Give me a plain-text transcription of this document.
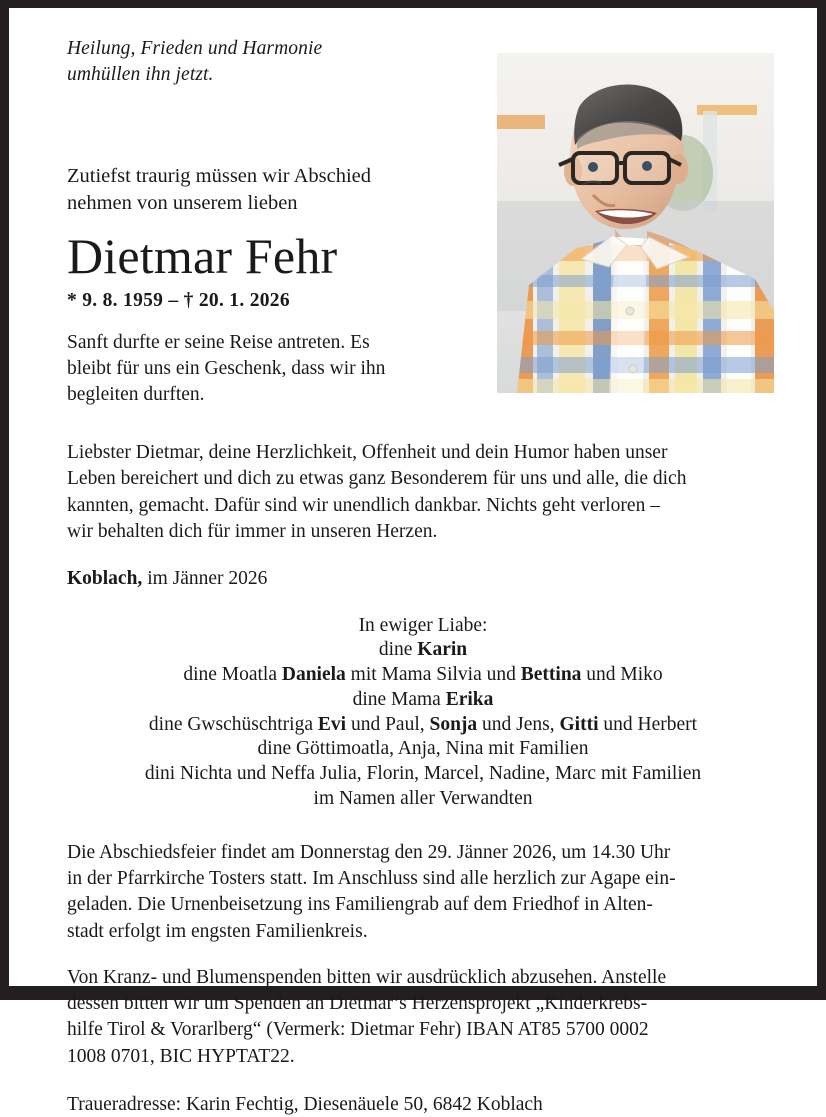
Heilung, Frieden und Harmonie
umhüllen ihn jetzt.
Zutiefst traurig müssen wir Abschied
nehmen von unserem lieben
Dietmar Fehr
* 9. 8. 1959 – † 20. 1. 2026
Sanft durfte er seine Reise antreten. Es
bleibt für uns ein Geschenk, dass wir ihn
begleiten durften.
Liebster Dietmar, deine Herzlichkeit, Offenheit und dein Humor haben unser
Leben bereichert und dich zu etwas ganz Besonderem für uns und alle, die dich
kannten, gemacht. Dafür sind wir unendlich dankbar. Nichts geht verloren –
wir behalten dich für immer in unseren Herzen.
Koblach, im Jänner 2026
In ewiger Liabe:
dine Karin
dine Moatla Daniela mit Mama Silvia und Bettina und Miko
dine Mama Erika
dine Gwschüschtriga Evi und Paul, Sonja und Jens, Gitti und Herbert
dine Göttimoatla, Anja, Nina mit Familien
dini Nichta und Neffa Julia, Florin, Marcel, Nadine, Marc mit Familien
im Namen aller Verwandten
Die Abschiedsfeier findet am Donnerstag den 29. Jänner 2026, um 14.30 Uhr
in der Pfarrkirche Tosters statt. Im Anschluss sind alle herzlich zur Agape ein-
geladen. Die Urnenbeisetzung ins Familiengrab auf dem Friedhof in Alten-
stadt erfolgt im engsten Familienkreis.
Von Kranz- und Blumenspenden bitten wir ausdrücklich abzusehen. Anstelle
dessen bitten wir um Spenden an Dietmar’s Herzensprojekt „Kinderkrebs-
hilfe Tirol & Vorarlberg“ (Vermerk: Dietmar Fehr) IBAN AT85 5700 0002
1008 0701, BIC HYPTAT22.
Traueradresse: Karin Fechtig, Diesenäuele 50, 6842 Koblach
